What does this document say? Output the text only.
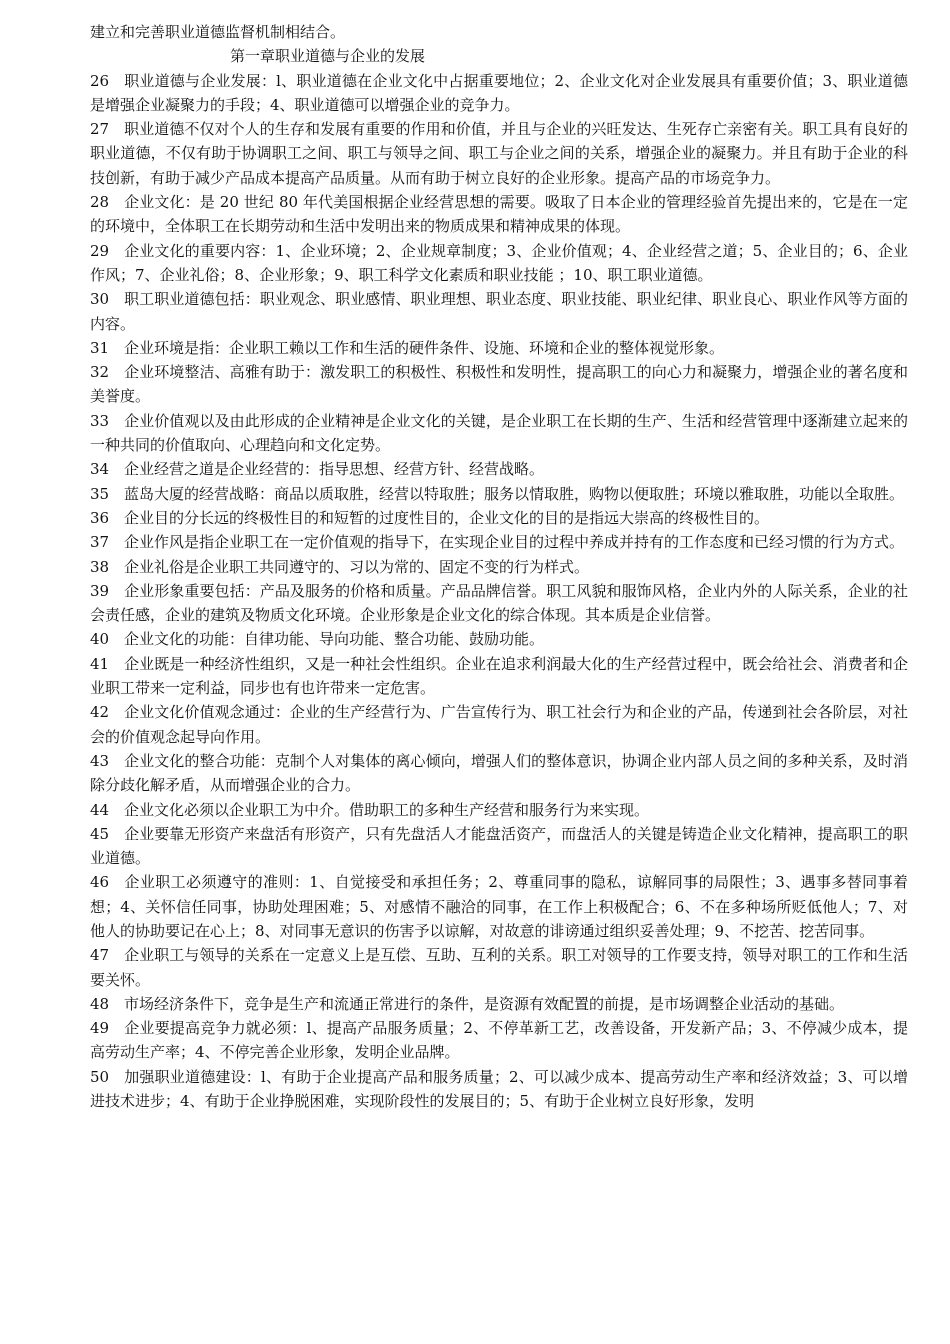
建立和完善职业道德监督机制相结合。
第一章职业道德与企业的发展
26 职业道德与企业发展：l、职业道德在企业文化中占据重要地位；2、企业文化对企业发展具有重要价值；3、职业道德是增强企业凝聚力的手段；4、职业道德可以增强企业的竞争力。
27 职业道德不仅对个人的生存和发展有重要的作用和价值，并且与企业的兴旺发达、生死存亡亲密有关。职工具有良好的职业道德，不仅有助于协调职工之间、职工与领导之间、职工与企业之间的关系，增强企业的凝聚力。并且有助于企业的科技创新，有助于减少产品成本提高产品质量。从而有助于树立良好的企业形象。提高产品的市场竞争力。
28 企业文化：是 20 世纪 80 年代美国根据企业经营思想的需要。吸取了日本企业的管理经验首先提出来的，它是在一定的环境中，全体职工在长期劳动和生活中发明出来的物质成果和精神成果的体现。
29 企业文化的重要内容：1、企业环境；2、企业规章制度；3、企业价值观；4、企业经营之道；5、企业目的；6、企业作风；7、企业礼俗；8、企业形象；9、职工科学文化素质和职业技能 ；10、职工职业道德。
30 职工职业道德包括：职业观念、职业感情、职业理想、职业态度、职业技能、职业纪律、职业良心、职业作风等方面的内容。
31 企业环境是指：企业职工赖以工作和生活的硬件条件、设施、环境和企业的整体视觉形象。
32 企业环境整洁、高雅有助于：激发职工的积极性、积极性和发明性，提高职工的向心力和凝聚力，增强企业的著名度和美誉度。
33 企业价值观以及由此形成的企业精神是企业文化的关键，是企业职工在长期的生产、生活和经营管理中逐渐建立起来的一种共同的价值取向、心理趋向和文化定势。
34 企业经营之道是企业经营的：指导思想、经营方针、经营战略。
35 蓝岛大厦的经营战略：商品以质取胜，经营以特取胜；服务以情取胜，购物以便取胜；环境以雅取胜，功能以全取胜。
36 企业目的分长远的终极性目的和短暂的过度性目的，企业文化的目的是指远大崇高的终极性目的。
37 企业作风是指企业职工在一定价值观的指导下，在实现企业目的过程中养成并持有的工作态度和已经习惯的行为方式。
38 企业礼俗是企业职工共同遵守的、习以为常的、固定不变的行为样式。
39 企业形象重要包括：产品及服务的价格和质量。产品品牌信誉。职工风貌和服饰风格，企业内外的人际关系，企业的社会责任感，企业的建筑及物质文化环境。企业形象是企业文化的综合体现。其本质是企业信誉。
40 企业文化的功能：自律功能、导向功能、整合功能、鼓励功能。
41 企业既是一种经济性组织，又是一种社会性组织。企业在追求利润最大化的生产经营过程中，既会给社会、消费者和企业职工带来一定利益，同步也有也许带来一定危害。
42 企业文化价值观念通过：企业的生产经营行为、广告宣传行为、职工社会行为和企业的产品，传递到社会各阶层，对社会的价值观念起导向作用。
43 企业文化的整合功能：克制个人对集体的离心倾向，增强人们的整体意识，协调企业内部人员之间的多种关系，及时消除分歧化解矛盾，从而增强企业的合力。
44 企业文化必须以企业职工为中介。借助职工的多种生产经营和服务行为来实现。
45 企业要靠无形资产来盘活有形资产，只有先盘活人才能盘活资产，而盘活人的关键是铸造企业文化精神，提高职工的职业道德。
46 企业职工必须遵守的准则：1、自觉接受和承担任务；2、尊重同事的隐私，谅解同事的局限性；3、遇事多替同事着想；4、关怀信任同事，协助处理困难；5、对感情不融洽的同事，在工作上积极配合；6、不在多种场所贬低他人；7、对他人的协助要记在心上；8、对同事无意识的伤害予以谅解，对故意的诽谤通过组织妥善处理；9、不挖苦、挖苦同事。
47 企业职工与领导的关系在一定意义上是互偿、互助、互利的关系。职工对领导的工作要支持，领导对职工的工作和生活要关怀。
48 市场经济条件下，竞争是生产和流通正常进行的条件，是资源有效配置的前提，是市场调整企业活动的基础。
49 企业要提高竞争力就必须：l、提高产品服务质量；2、不停革新工艺，改善设备，开发新产品；3、不停减少成本，提高劳动生产率；4、不停完善企业形象，发明企业品牌。
50 加强职业道德建设：l、有助于企业提高产品和服务质量；2、可以减少成本、提高劳动生产率和经济效益；3、可以增进技术进步；4、有助于企业挣脱困难，实现阶段性的发展目的；5、有助于企业树立良好形象，发明
